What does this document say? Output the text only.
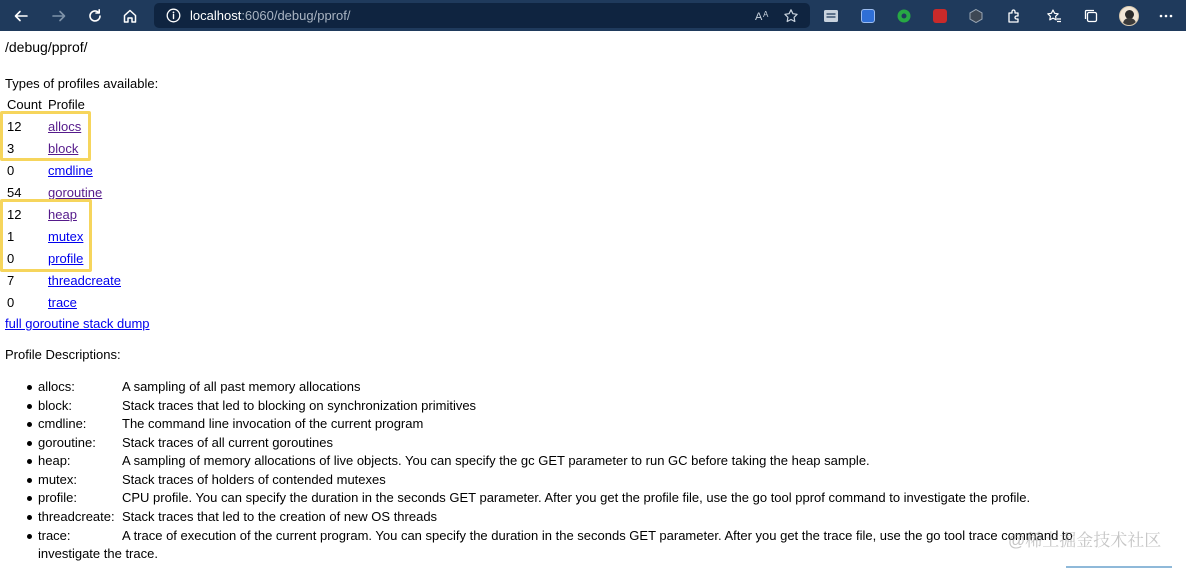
localhost:6060/debug/pprof/	A A
/debug/pprof/
Types of profiles available:
Count Profile
12 allocs
3	block
0	cmdline
54 goroutine
12 heap
1	mutex
0	profile
7	threadcreate
0	trace
full goroutine stack dump
Profile Descriptions:
allocs:	A sampling of all past memory allocations
block:	Stack traces that led to blocking on synchronization primitives
cmdline:	The command line invocation of the current program
goroutine: Stack traces of all current goroutines
heap:	A sampling of memory allocations of live objects. You can specify the gc GET parameter to run GC before taking the heap sample.
mutex:	Stack traces of holders of contended mutexes
profile:	CPU profile. You can specify the duration in the seconds GET parameter. After you get the profile file, use the go tool pprof command to investigate the profile.
threadcreate: Stack traces that led to the creation of new OS threads
trace:	A trace of execution of the current program. You can specify the duration in the seconds GET parameter. After you get the trace file, use the go tool trace command to
investigate the trace.
@稀土掘金技术社区
